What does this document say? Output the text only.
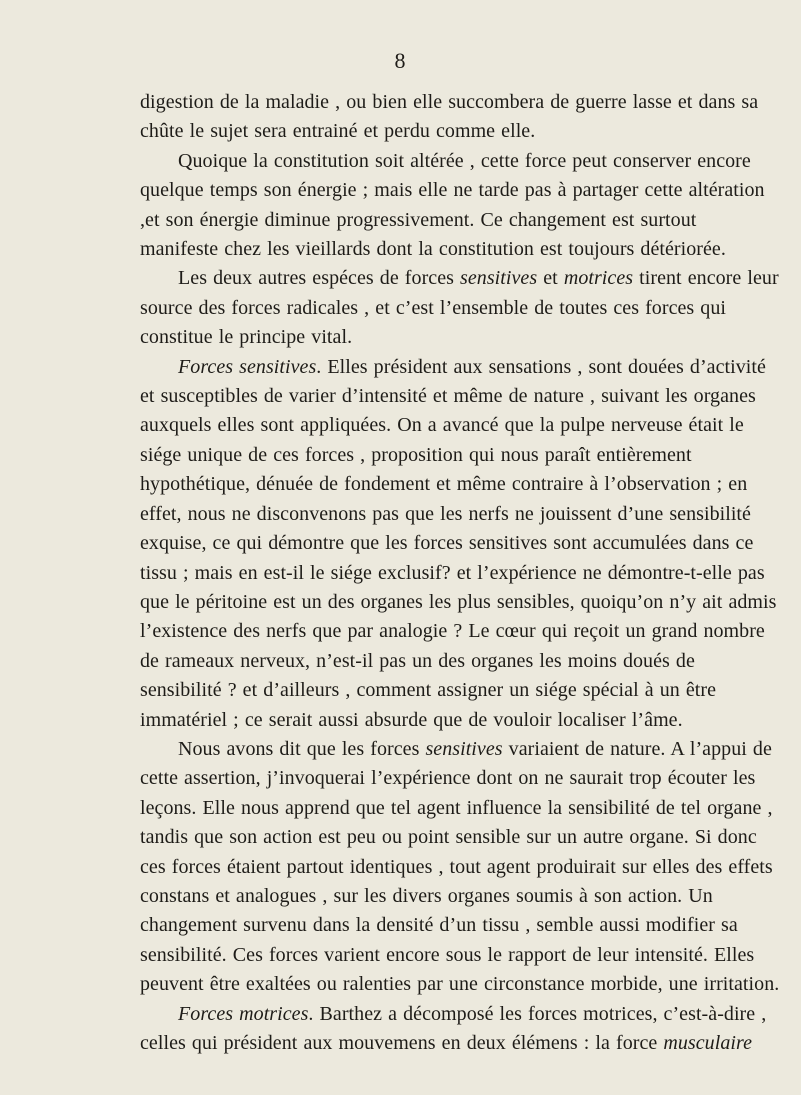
8

digestion de la maladie , ou bien elle succombera de guerre lasse et dans sa chûte le sujet sera entrainé et perdu comme elle.

Quoique la constitution soit altérée , cette force peut conserver encore quelque temps son énergie ; mais elle ne tarde pas à partager cette altération ,et son énergie diminue progressivement. Ce changement est surtout manifeste chez les vieillards dont la constitution est toujours détériorée.

Les deux autres espéces de forces sensitives et motrices tirent encore leur source des forces radicales , et c’est l’ensemble de toutes ces forces qui constitue le principe vital.

Forces sensitives. Elles président aux sensations , sont douées d’activité et susceptibles de varier d’intensité et même de nature , suivant les organes auxquels elles sont appliquées. On a avancé que la pulpe nerveuse était le siége unique de ces forces , proposition qui nous paraît entièrement hypothétique, dénuée de fondement et même contraire à l’observation ; en effet, nous ne disconvenons pas que les nerfs ne jouissent d’une sensibilité exquise, ce qui démontre que les forces sensitives sont accumulées dans ce tissu ; mais en est-il le siége exclusif? et l’expérience ne démontre-t-elle pas que le péritoine est un des organes les plus sensibles, quoiqu’on n’y ait admis l’existence des nerfs que par analogie ? Le cœur qui reçoit un grand nombre de rameaux nerveux, n’est-il pas un des organes les moins doués de sensibilité ? et d’ailleurs , comment assigner un siége spécial à un être immatériel ; ce serait aussi absurde que de vouloir localiser l’âme.

Nous avons dit que les forces sensitives variaient de nature. A l’appui de cette assertion, j’invoquerai l’expérience dont on ne saurait trop écouter les leçons. Elle nous apprend que tel agent influence la sensibilité de tel organe , tandis que son action est peu ou point sensible sur un autre organe. Si donc ces forces étaient partout identiques , tout agent produirait sur elles des effets constans et analogues , sur les divers organes soumis à son action. Un changement survenu dans la densité d’un tissu , semble aussi modifier sa sensibilité. Ces forces varient encore sous le rapport de leur intensité. Elles peuvent être exaltées ou ralenties par une circonstance morbide, une irritation.

Forces motrices. Barthez a décomposé les forces motrices, c’est-à-dire , celles qui président aux mouvemens en deux élémens : la force musculaire
